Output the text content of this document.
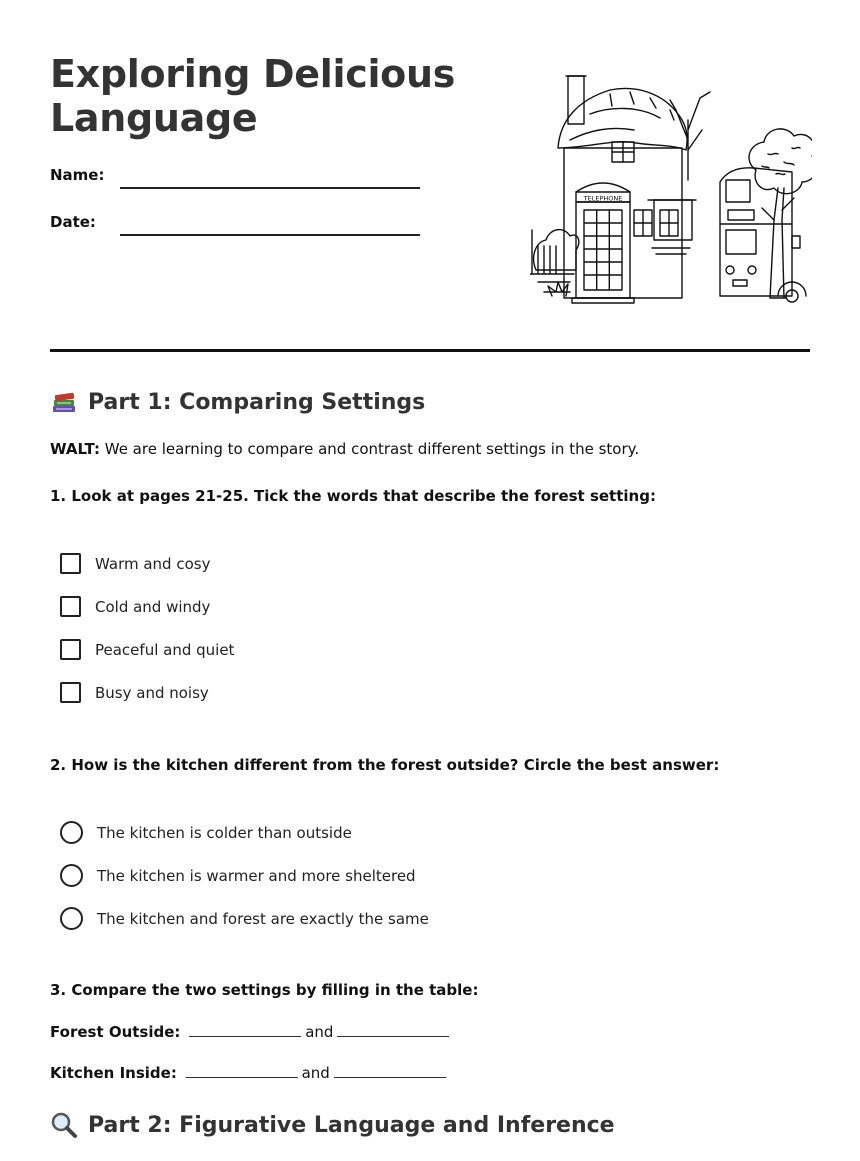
Exploring Delicious Language
Name:
Date:
TELEPHONE
Part 1: Comparing Settings
WALT: We are learning to compare and contrast different settings in the story.
1. Look at pages 21-25. Tick the words that describe the forest setting:
Warm and cosy
Cold and windy
Peaceful and quiet
Busy and noisy
2. How is the kitchen different from the forest outside? Circle the best answer:
The kitchen is colder than outside
The kitchen is warmer and more sheltered
The kitchen and forest are exactly the same
3. Compare the two settings by filling in the table:
Forest Outside:	and
Kitchen Inside:	and
Part 2: Figurative Language and Inference
